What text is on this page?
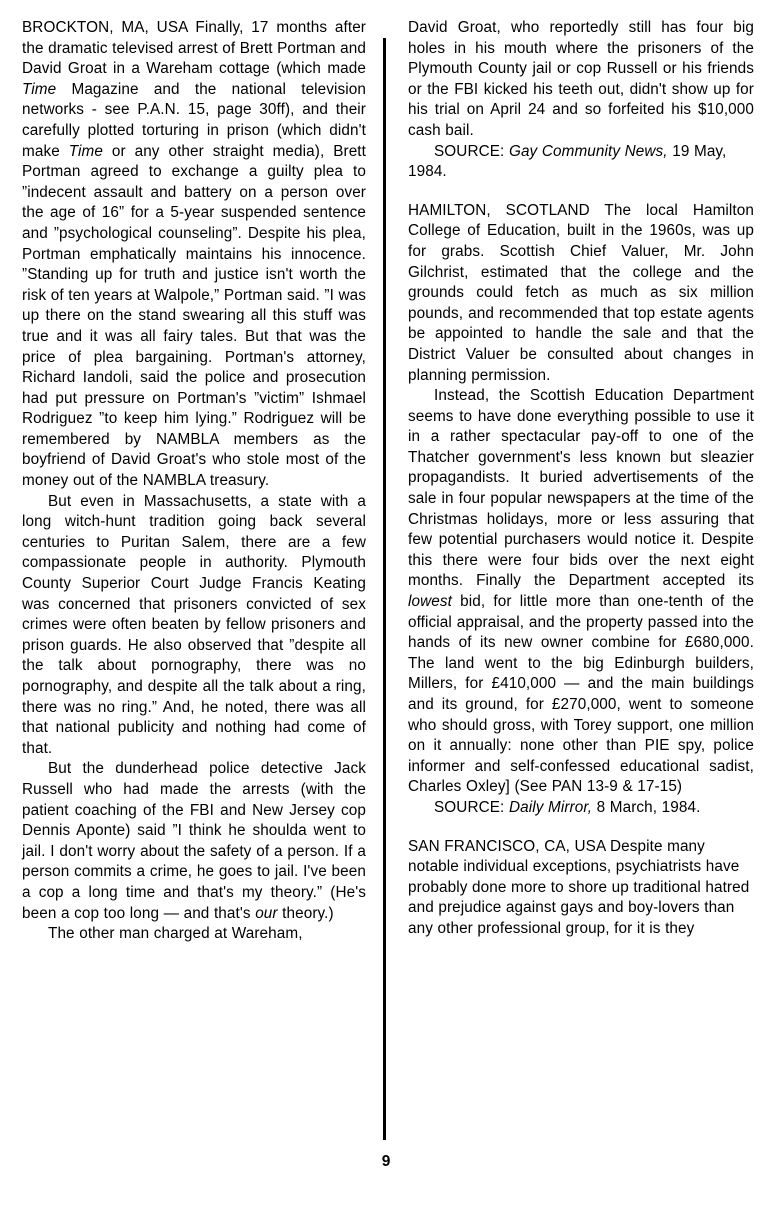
BROCKTON, MA, USA Finally, 17 months after the dramatic televised arrest of Brett Portman and David Groat in a Wareham cottage (which made Time Magazine and the national television networks - see P.A.N. 15, page 30ff), and their carefully plotted torturing in prison (which didn't make Time or any other straight media), Brett Portman agreed to exchange a guilty plea to ”indecent assault and battery on a person over the age of 16” for a 5-year suspended sentence and ”psychological counseling”. Despite his plea, Portman emphatically maintains his innocence. ”Standing up for truth and justice isn't worth the risk of ten years at Walpole,” Portman said. ”I was up there on the stand swearing all this stuff was true and it was all fairy tales. But that was the price of plea bargaining. Portman's attorney, Richard Iandoli, said the police and prosecution had put pressure on Portman's ”victim” Ishmael Rodriguez ”to keep him lying.” Rodriguez will be remembered by NAMBLA members as the boyfriend of David Groat's who stole most of the money out of the NAMBLA treasury.

But even in Massachusetts, a state with a long witch-hunt tradition going back several centuries to Puritan Salem, there are a few compassionate people in authority. Plymouth County Superior Court Judge Francis Keating was concerned that prisoners convicted of sex crimes were often beaten by fellow prisoners and prison guards. He also observed that ”despite all the talk about pornography, there was no pornography, and despite all the talk about a ring, there was no ring.” And, he noted, there was all that national publicity and nothing had come of that.

But the dunderhead police detective Jack Russell who had made the arrests (with the patient coaching of the FBI and New Jersey cop Dennis Aponte) said ”I think he shoulda went to jail. I don't worry about the safety of a person. If a person commits a crime, he goes to jail. I've been a cop a long time and that's my theory.” (He's been a cop too long — and that's our theory.)

The other man charged at Wareham,

David Groat, who reportedly still has four big holes in his mouth where the prisoners of the Plymouth County jail or cop Russell or his friends or the FBI kicked his teeth out, didn't show up for his trial on April 24 and so forfeited his $10,000 cash bail.

SOURCE: Gay Community News, 19 May, 1984.

HAMILTON, SCOTLAND The local Hamilton College of Education, built in the 1960s, was up for grabs. Scottish Chief Valuer, Mr. John Gilchrist, estimated that the college and the grounds could fetch as much as six million pounds, and recommended that top estate agents be appointed to handle the sale and that the District Valuer be consulted about changes in planning permission.

Instead, the Scottish Education Department seems to have done everything possible to use it in a rather spectacular pay-off to one of the Thatcher government's less known but sleazier propagandists. It buried advertisements of the sale in four popular newspapers at the time of the Christmas holidays, more or less assuring that few potential purchasers would notice it. Despite this there were four bids over the next eight months. Finally the Department accepted its lowest bid, for little more than one-tenth of the official appraisal, and the property passed into the hands of its new owner combine for £680,000. The land went to the big Edinburgh builders, Millers, for £410,000 — and the main buildings and its ground, for £270,000, went to someone who should gross, with Torey support, one million on it annually: none other than PIE spy, police informer and self-confessed educational sadist, Charles Oxley] (See PAN 13-9 & 17-15)

SOURCE: Daily Mirror, 8 March, 1984.

SAN FRANCISCO, CA, USA Despite many notable individual exceptions, psychiatrists have probably done more to shore up traditional hatred and prejudice against gays and boy-lovers than any other professional group, for it is they

9
